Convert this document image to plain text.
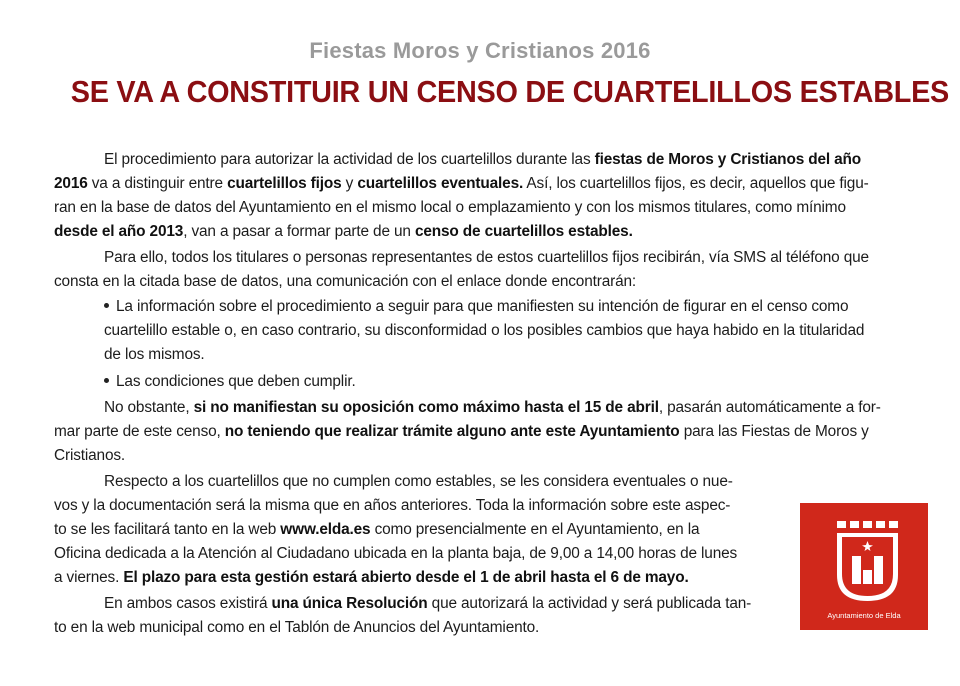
Fiestas Moros y Cristianos 2016
SE VA A CONSTITUIR UN CENSO DE CUARTELILLOS ESTABLES
El procedimiento para autorizar la actividad de los cuartelillos durante las fiestas de Moros y Cristianos del año
2016 va a distinguir entre cuartelillos fijos y cuartelillos eventuales. Así, los cuartelillos fijos, es decir, aquellos que figu-
ran en la base de datos del Ayuntamiento en el mismo local o emplazamiento y con los mismos titulares, como mínimo
desde el año 2013, van a pasar a formar parte de un censo de cuartelillos estables.
Para ello, todos los titulares o personas representantes de estos cuartelillos fijos recibirán, vía SMS al téléfono que
consta en la citada base de datos, una comunicación con el enlace donde encontrarán:
La información sobre el procedimiento a seguir para que manifiesten su intención de figurar en el censo como
cuartelillo estable o, en caso contrario, su disconformidad o los posibles cambios que haya habido en la titularidad
de los mismos.
Las condiciones que deben cumplir.
No obstante, si no manifiestan su oposición como máximo hasta el 15 de abril, pasarán automáticamente a for-
mar parte de este censo, no teniendo que realizar trámite alguno ante este Ayuntamiento para las Fiestas de Moros y
Cristianos.
Respecto a los cuartelillos que no cumplen como estables, se les considera eventuales o nue-
vos y la documentación será la misma que en años anteriores. Toda la información sobre este aspec-
to se les facilitará tanto en la web www.elda.es como presencialmente en el Ayuntamiento, en la
Oficina dedicada a la Atención al Ciudadano ubicada en la planta baja, de 9,00 a 14,00 horas de lunes
a viernes. El plazo para esta gestión estará abierto desde el 1 de abril hasta el 6 de mayo.
En ambos casos existirá una única Resolución que autorizará la actividad y será publicada tan-
to en la web municipal como en el Tablón de Anuncios del Ayuntamiento.
Ayuntamiento de Elda
